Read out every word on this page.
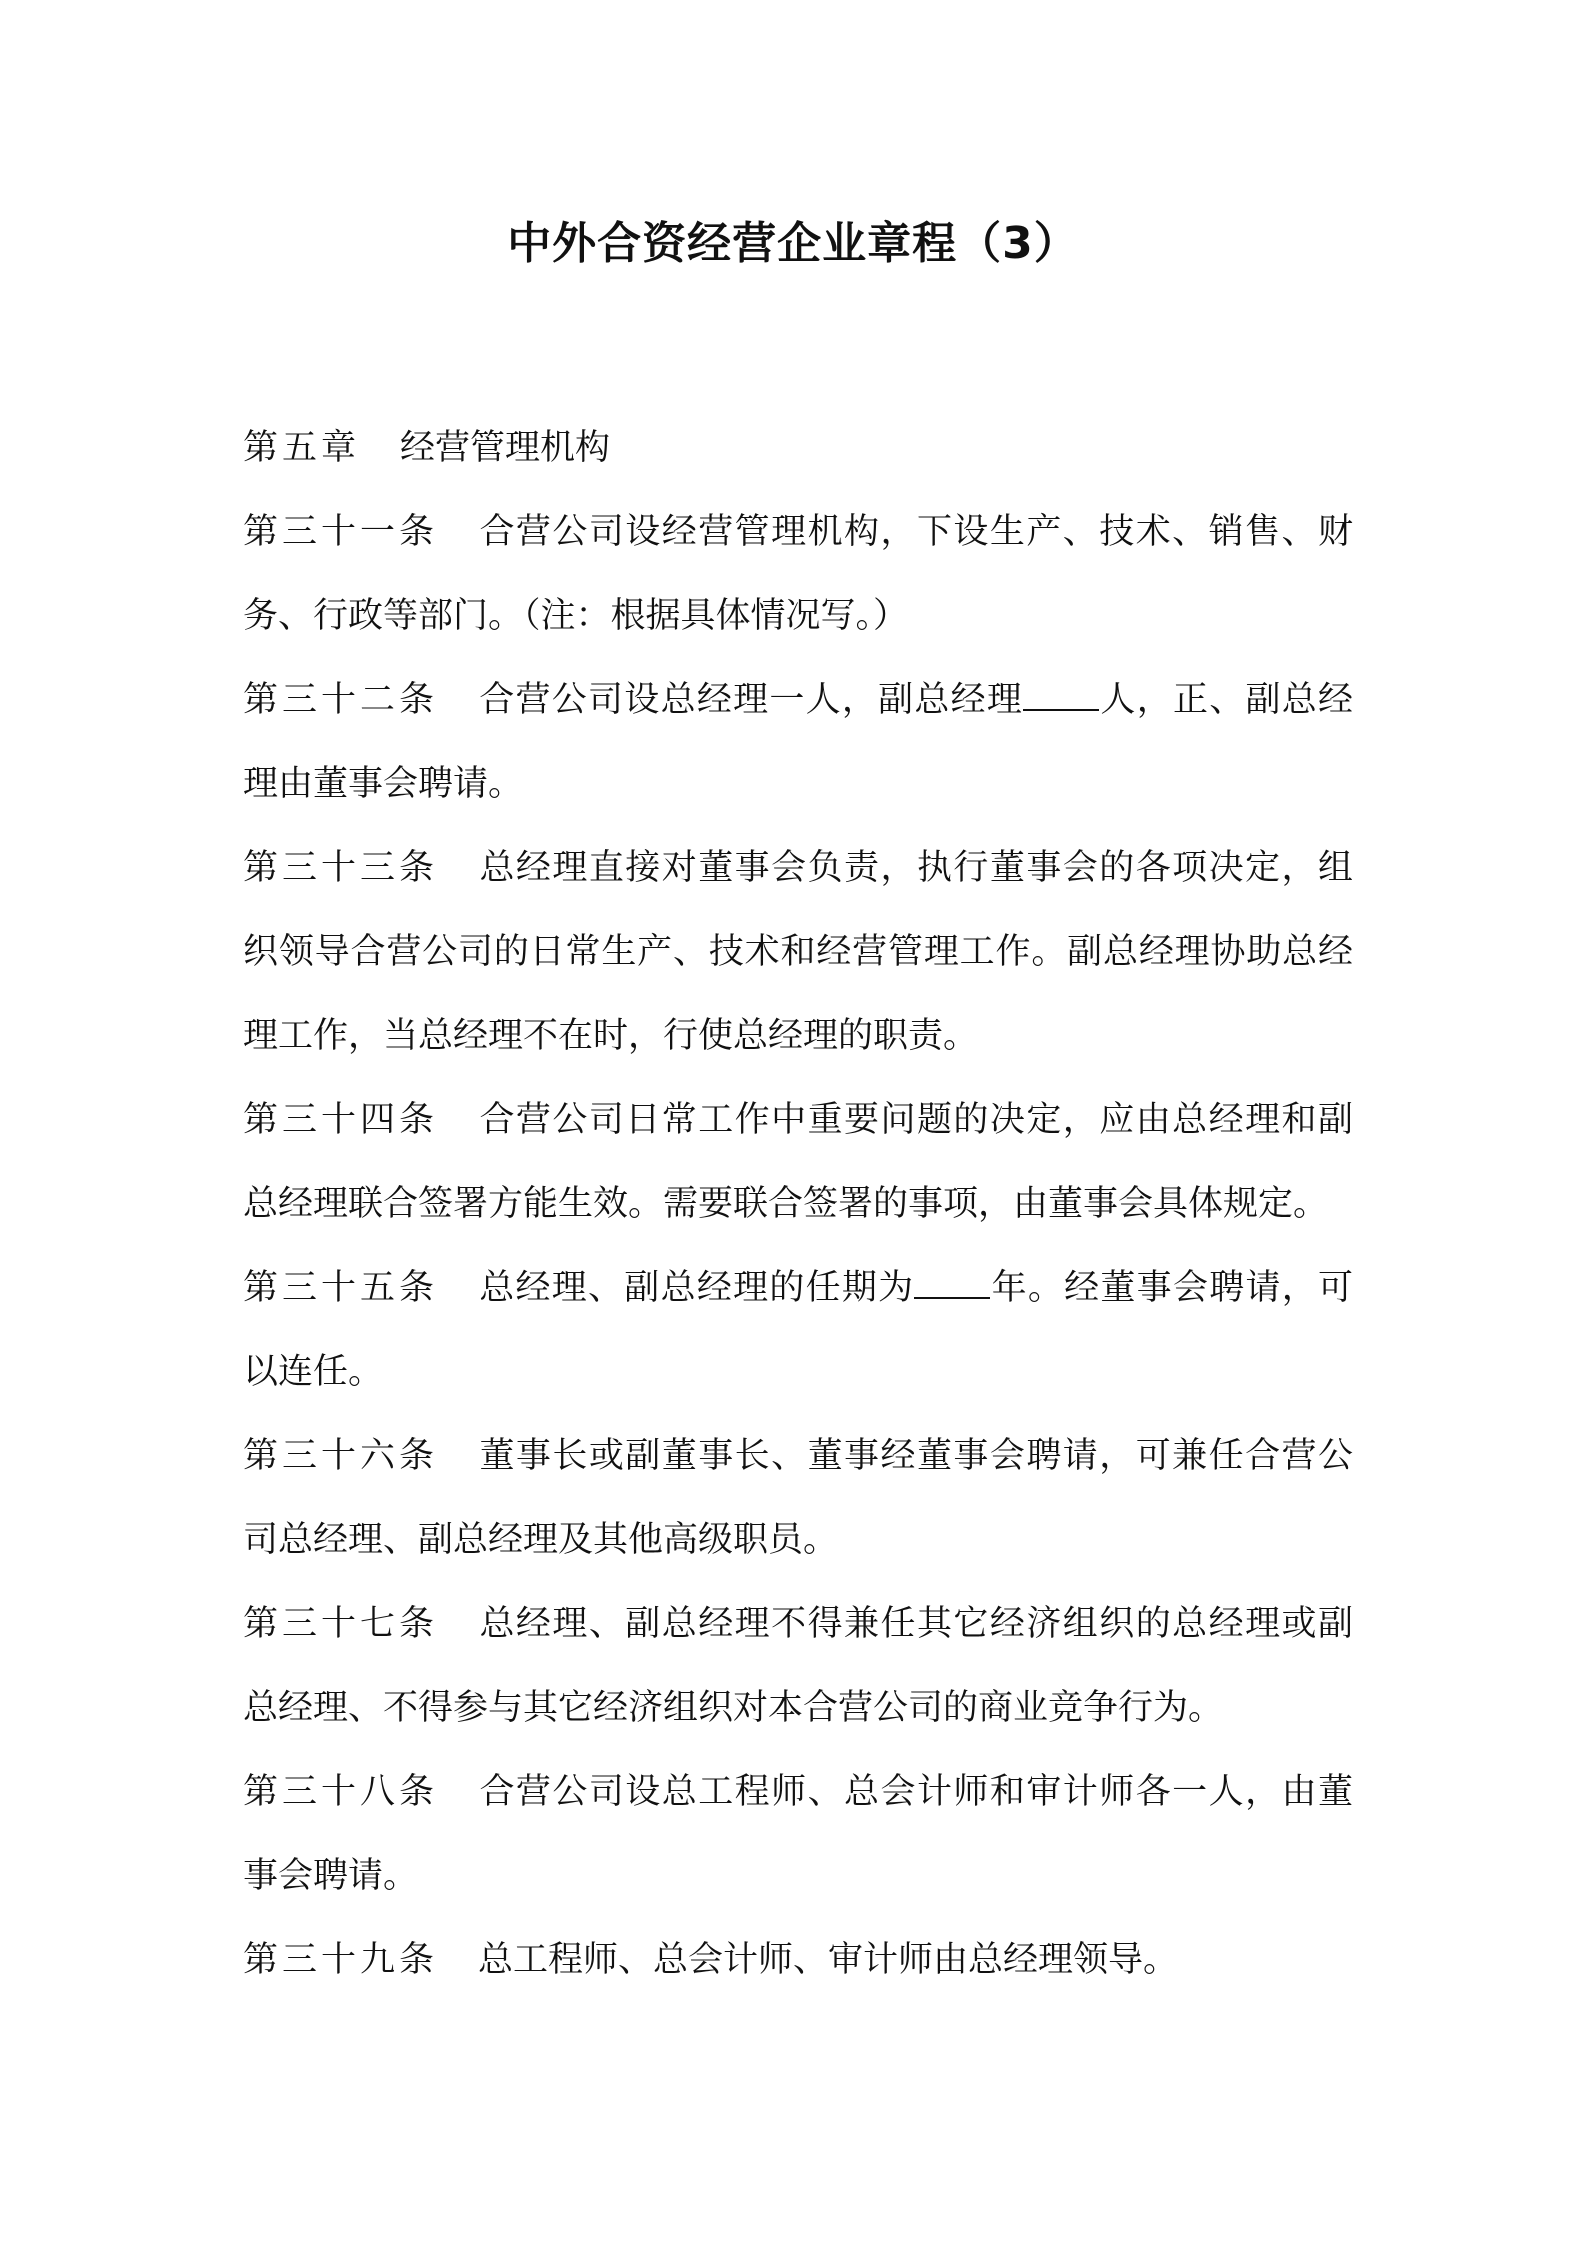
中外合资经营企业章程（3）

第五章 经营管理机构

第三十一条 合营公司设经营管理机构，下设生产、技术、销售、财务、行政等部门。（注：根据具体情况写。）

第三十二条 合营公司设总经理一人，副总经理 人，正、副总经理由董事会聘请。

第三十三条 总经理直接对董事会负责，执行董事会的各项决定，组织领导合营公司的日常生产、技术和经营管理工作。副总经理协助总经理工作，当总经理不在时，行使总经理的职责。

第三十四条 合营公司日常工作中重要问题的决定，应由总经理和副总经理联合签署方能生效。需要联合签署的事项，由董事会具体规定。

第三十五条 总经理、副总经理的任期为 年。经董事会聘请，可以连任。

第三十六条 董事长或副董事长、董事经董事会聘请，可兼任合营公司总经理、副总经理及其他高级职员。

第三十七条 总经理、副总经理不得兼任其它经济组织的总经理或副总经理、不得参与其它经济组织对本合营公司的商业竞争行为。

第三十八条 合营公司设总工程师、总会计师和审计师各一人，由董事会聘请。

第三十九条 总工程师、总会计师、审计师由总经理领导。
